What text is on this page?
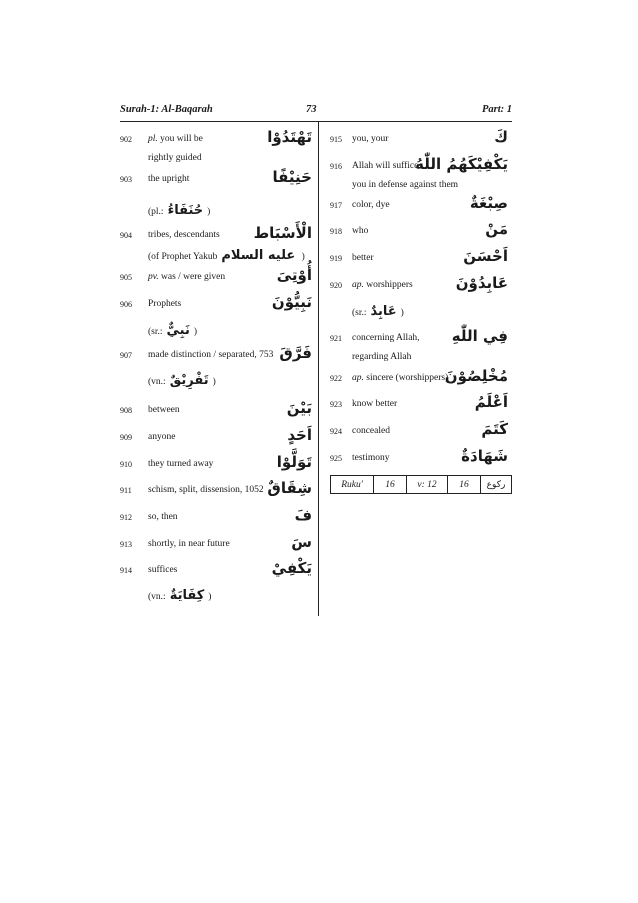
Surah-1: Al-Baqarah	73	Part: 1
902 pl. you will be
rightly guided
تَهْتَدُوْا
903 the upright	حَنِيْفًا
(pl.: حُنَفَاءُ )
904 tribes, descendants الْأَسْبَاط
(of Prophet Yakub عليه السلام )
905 pv. was / were given	أُوْتِىَ
906 Prophets	نَبِيُّوْنَ
(sr.: نَبِيٌّ )
907 made distinction / separated, 753 فَرَّقَ
(vn.: تَفْرِيْقٌ )
908 between	بَيْنَ
909 anyone	اَحَدٍ
910 they turned away	تَوَلَّوْا
911 schism, split, dissension, 1052 شِقَاقٌ
912 so, then	فَ
913 shortly, in near future	سَ
914 suffices	يَكْفِيْ
(vn.: كِفَايَةٌ )
915 you, your	كَ
916 Allah will suffice
you in defense against them
يَكْفِيْكَهُمُ اللّٰهُ
917 color, dye	صِبْغَةٌ
918 who	مَنْ
919 better	اَحْسَنَ
920 ap. worshippers	عَابِدُوْنَ
(sr.: عَابِدٌ )
921 concerning Allah,
regarding Allah
فِي اللّٰهِ
922 ap. sincere (worshippers)
مُخْلِصُوْنَ
923 know better	اَعْلَمُ
924 concealed	كَتَمَ
925 testimony	شَهَادَةٌ
Ruku'	16	v: 12	16	رکوع
